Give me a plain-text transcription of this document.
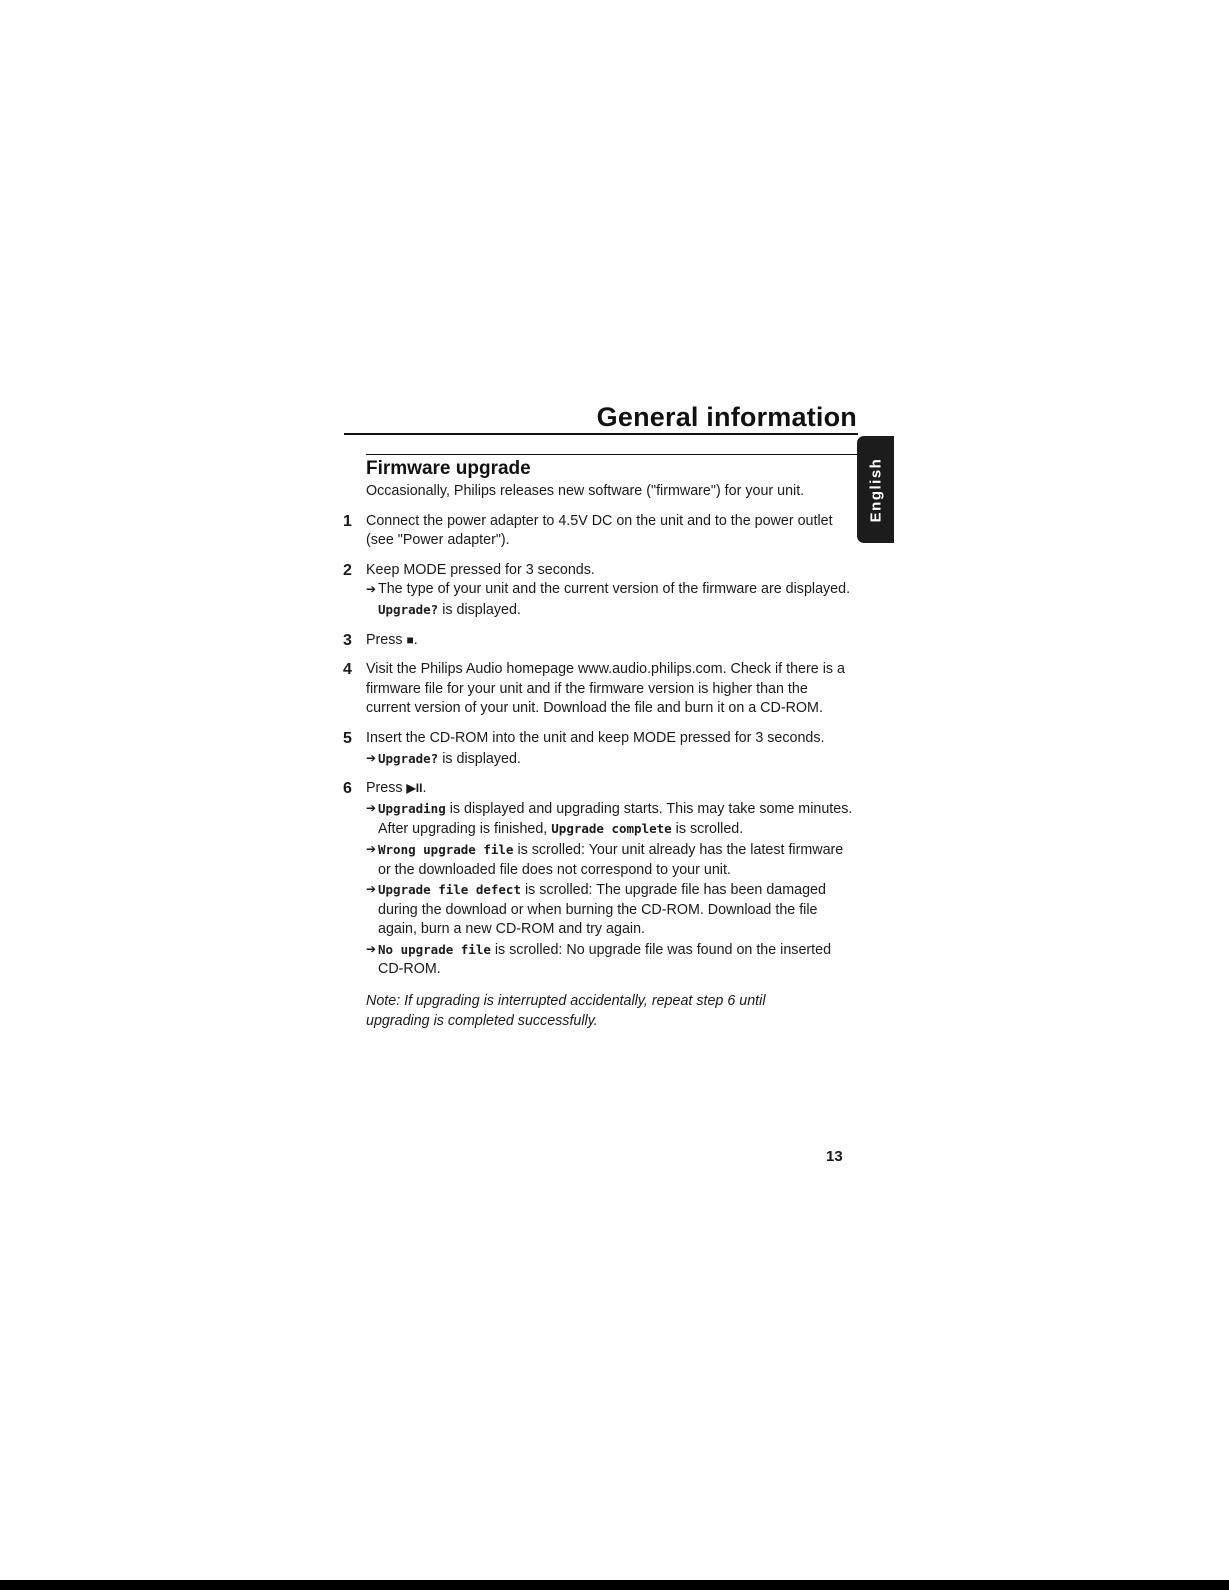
General information
English
Firmware upgrade
Occasionally, Philips releases new software ("firmware") for your unit.
1 Connect the power adapter to 4.5V DC on the unit and to the power outlet (see "Power adapter").
2 Keep MODE pressed for 3 seconds.
➔ The type of your unit and the current version of the firmware are displayed.
Upgrade? is displayed.
3 Press ■.
4 Visit the Philips Audio homepage www.audio.philips.com. Check if there is a firmware file for your unit and if the firmware version is higher than the current version of your unit. Download the file and burn it on a CD-ROM.
5 Insert the CD-ROM into the unit and keep MODE pressed for 3 seconds.
➔ Upgrade? is displayed.
6 Press ▶II.
➔ Upgrading is displayed and upgrading starts. This may take some minutes. After upgrading is finished, Upgrade complete is scrolled.
➔ Wrong upgrade file is scrolled: Your unit already has the latest firmware or the downloaded file does not correspond to your unit.
➔ Upgrade file defect is scrolled: The upgrade file has been damaged during the download or when burning the CD-ROM. Download the file again, burn a new CD-ROM and try again.
➔ No upgrade file is scrolled: No upgrade file was found on the inserted CD-ROM.
Note: If upgrading is interrupted accidentally, repeat step 6 until upgrading is completed successfully.
13
